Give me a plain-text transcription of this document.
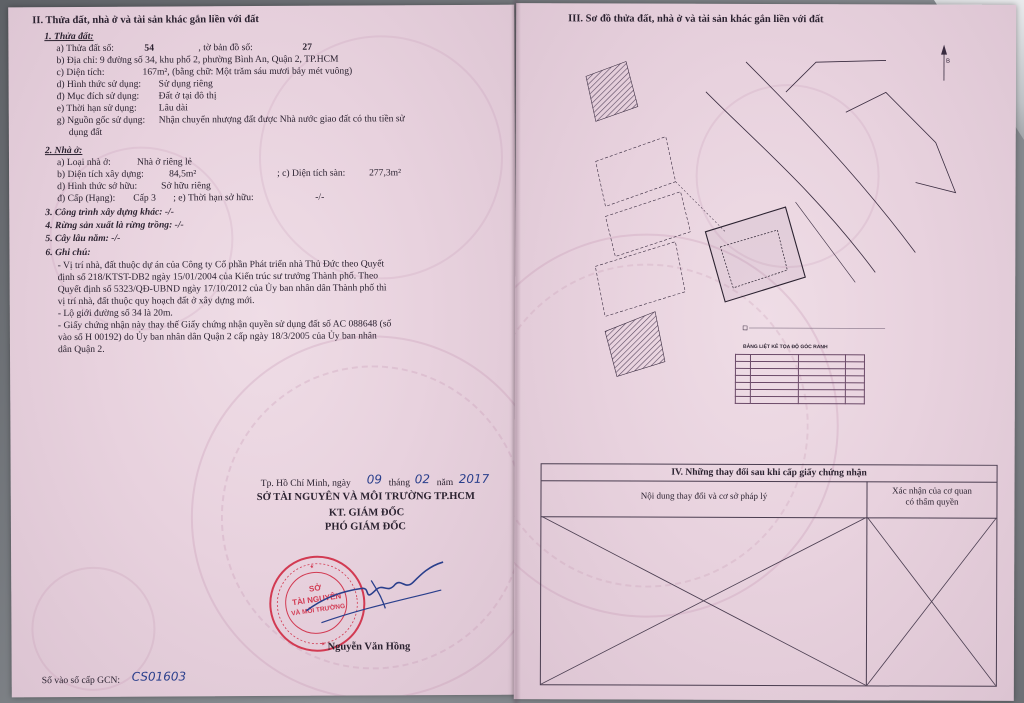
II. Thửa đất, nhà ở và tài sản khác gắn liền với đất
1. Thửa đất:
a) Thửa đất số:	54	, tờ bản đồ số:	27
b) Địa chỉ: 9 đường số 34, khu phố 2, phường Bình An, Quận 2, TP.HCM
c) Diện tích:	167m², (bằng chữ: Một trăm sáu mươi bảy mét vuông)
d) Hình thức sử dụng: Sử dụng riêng
đ) Mục đích sử dụng: Đất ở tại đô thị
e) Thời hạn sử dụng: Lâu dài
g) Nguồn gốc sử dụng: Nhận chuyển nhượng đất được Nhà nước giao đất có thu tiền sử
dụng đất
2. Nhà ở:
a) Loại nhà ở:	Nhà ở riêng lẻ
b) Diện tích xây dựng:	84,5m²	; c) Diện tích sàn: 277,3m²
d) Hình thức sở hữu: Sở hữu riêng
đ) Cấp (Hạng): Cấp 3 ; e) Thời hạn sở hữu:	-/-
3. Công trình xây dựng khác: -/-
4. Rừng sản xuất là rừng trồng: -/-
5. Cây lâu năm: -/-
6. Ghi chú:
- Vị trí nhà, đất thuộc dự án của Công ty Cổ phần Phát triển nhà Thủ Đức theo Quyết
định số 218/KTST-DB2 ngày 15/01/2004 của Kiến trúc sư trưởng Thành phố. Theo
Quyết định số 5323/QĐ-UBND ngày 17/10/2012 của Ủy ban nhân dân Thành phố thì
vị trí nhà, đất thuộc quy hoạch đất ở xây dựng mới.
- Lộ giới đường số 34 là 20m.
- Giấy chứng nhận này thay thế Giấy chứng nhận quyền sử dụng đất số AC 088648 (số
vào sổ H 00192) do Ủy ban nhân dân Quận 2 cấp ngày 18/3/2005 của Ủy ban nhân
dân Quận 2.
Tp. Hồ Chí Minh, ngày 09 tháng 02 năm 2017
SỞ TÀI NGUYÊN VÀ MÔI TRƯỜNG TP.HCM
KT. GIÁM ĐỐC
PHÓ GIÁM ĐỐC
★
★
SỞ
TÀI NGUYÊN
VÀ MÔI TRƯỜNG
Nguyễn Văn Hồng
Số vào sổ cấp GCN: CS01603
III. Sơ đồ thửa đất, nhà ở và tài sản khác gắn liền với đất
B
BẢNG LIỆT KÊ TỌA ĐỘ GÓC RANH

IV. Những thay đổi sau khi cấp giấy chứng nhận
Nội dung thay đổi và cơ sở pháp lý	Xác nhận của cơ quan
có thẩm quyền
